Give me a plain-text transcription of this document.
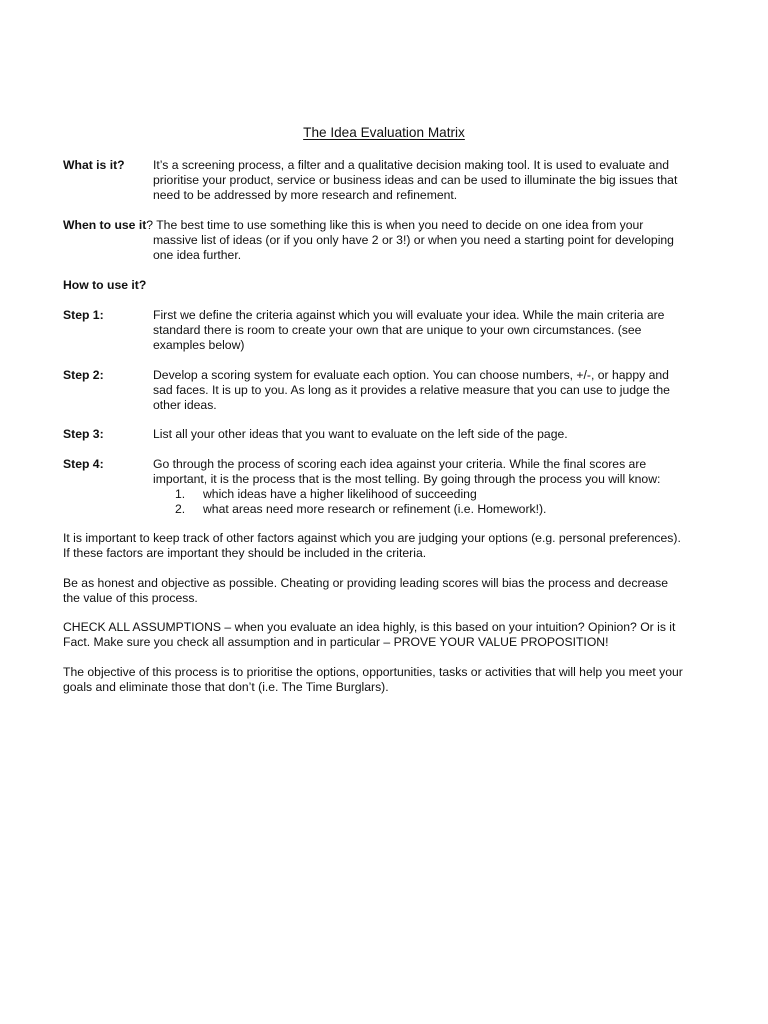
The Idea Evaluation Matrix
What is it?	It’s a screening process, a filter and a qualitative decision making tool. It is used to evaluate and
prioritise your product, service or business ideas and can be used to illuminate the big issues that
need to be addressed by more research and refinement.
When to use it? The best time to use something like this is when you need to decide on one idea from your
massive list of ideas (or if you only have 2 or 3!) or when you need a starting point for developing
one idea further.
How to use it?
Step 1:	First we define the criteria against which you will evaluate your idea. While the main criteria are
standard there is room to create your own that are unique to your own circumstances. (see
examples below)
Step 2:	Develop a scoring system for evaluate each option. You can choose numbers, +/-, or happy and
sad faces. It is up to you. As long as it provides a relative measure that you can use to judge the
other ideas.
Step 3:	List all your other ideas that you want to evaluate on the left side of the page.
Step 4:	Go through the process of scoring each idea against your criteria. While the final scores are
important, it is the process that is the most telling. By going through the process you will know:
1.	which ideas have a higher likelihood of succeeding
2.	what areas need more research or refinement (i.e. Homework!).
It is important to keep track of other factors against which you are judging your options (e.g. personal preferences).
If these factors are important they should be included in the criteria.
Be as honest and objective as possible. Cheating or providing leading scores will bias the process and decrease
the value of this process.
CHECK ALL ASSUMPTIONS – when you evaluate an idea highly, is this based on your intuition? Opinion? Or is it
Fact. Make sure you check all assumption and in particular – PROVE YOUR VALUE PROPOSITION!
The objective of this process is to prioritise the options, opportunities, tasks or activities that will help you meet your
goals and eliminate those that don’t (i.e. The Time Burglars).
